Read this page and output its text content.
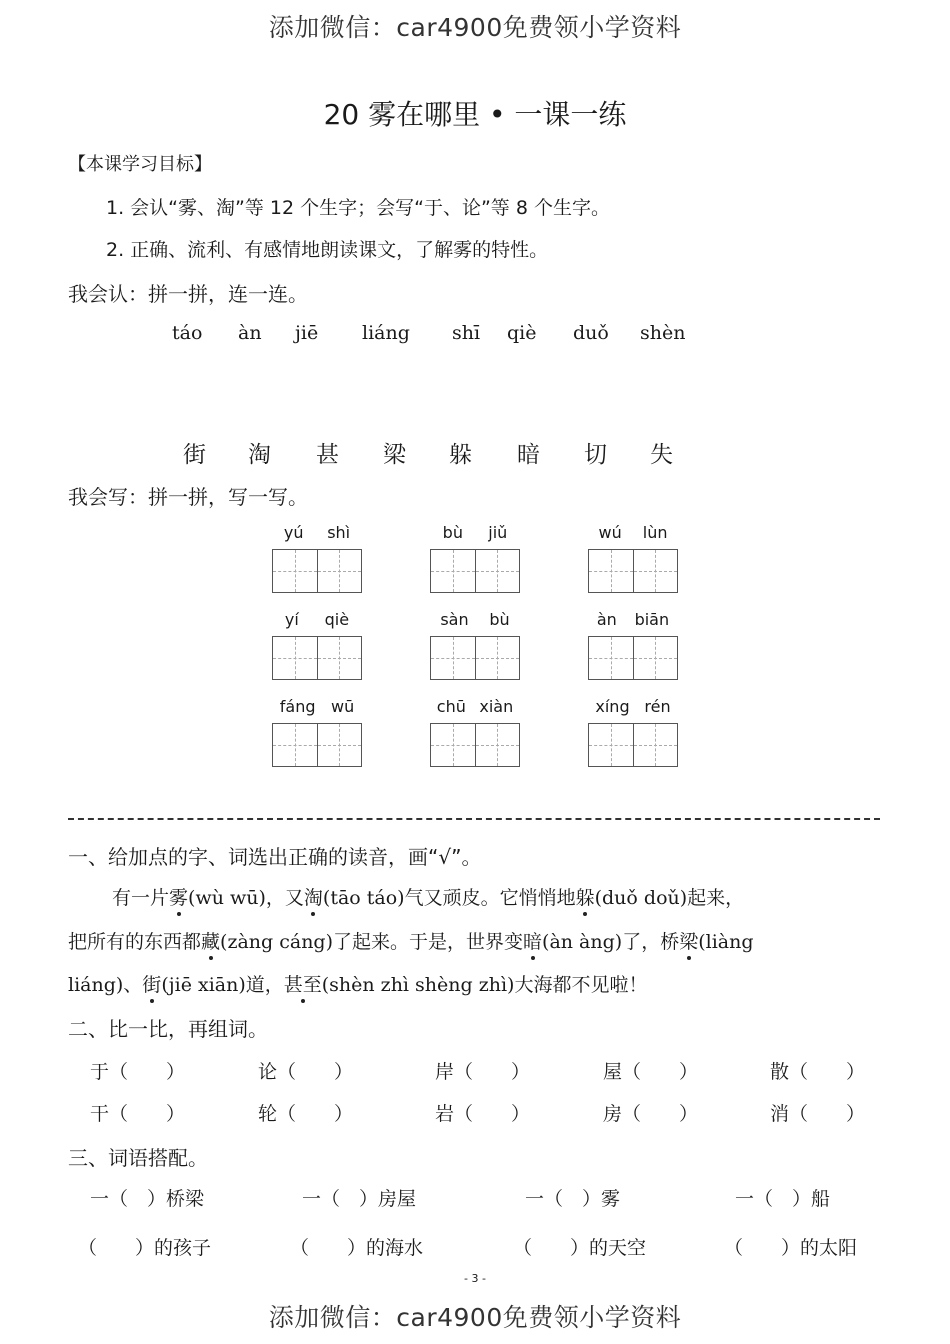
添加微信：car4900免费领小学资料
20 雾在哪里 • 一课一练
【本课学习目标】
1. 会认“雾、淘”等 12 个生字；会写“于、论”等 8 个生字。
2. 正确、流利、有感情地朗读课文，了解雾的特性。
我会认：拼一拼，连一连。
táo àn jiē liáng shī qiè duǒ shèn
街 淘 甚 梁 躲 暗 切 失
我会写：拼一拼，写一写。
yú shì	bù jiǔ	wú lùn
yí qiè	sàn bù	àn biān
fáng wū	chū xiàn	xíng rén
一、给加点的字、词选出正确的读音，画“√”。
有一片雾(wù wū)，又淘(tāo táo)气又顽皮。它悄悄地躲(duǒ doǔ)起来，
把所有的东西都藏(zàng cáng)了起来。于是，世界变暗(àn àng)了，桥梁(liàng
liáng)、街(jiē xiān)道，甚至(shèn zhì shèng zhì)大海都不见啦！
二、比一比，再组词。
于（　　）	论（　　）	岸（　　）	屋（　　）	散（　　）
干（　　）	轮（　　）	岩（　　）	房（　　）	消（　　）
三、词语搭配。
一（　）桥梁	一（　）房屋	一（　）雾	一（　）船
（　　）的孩子	（　　）的海水	（　　）的天空	（　　）的太阳
- 3 -
添加微信：car4900免费领小学资料
